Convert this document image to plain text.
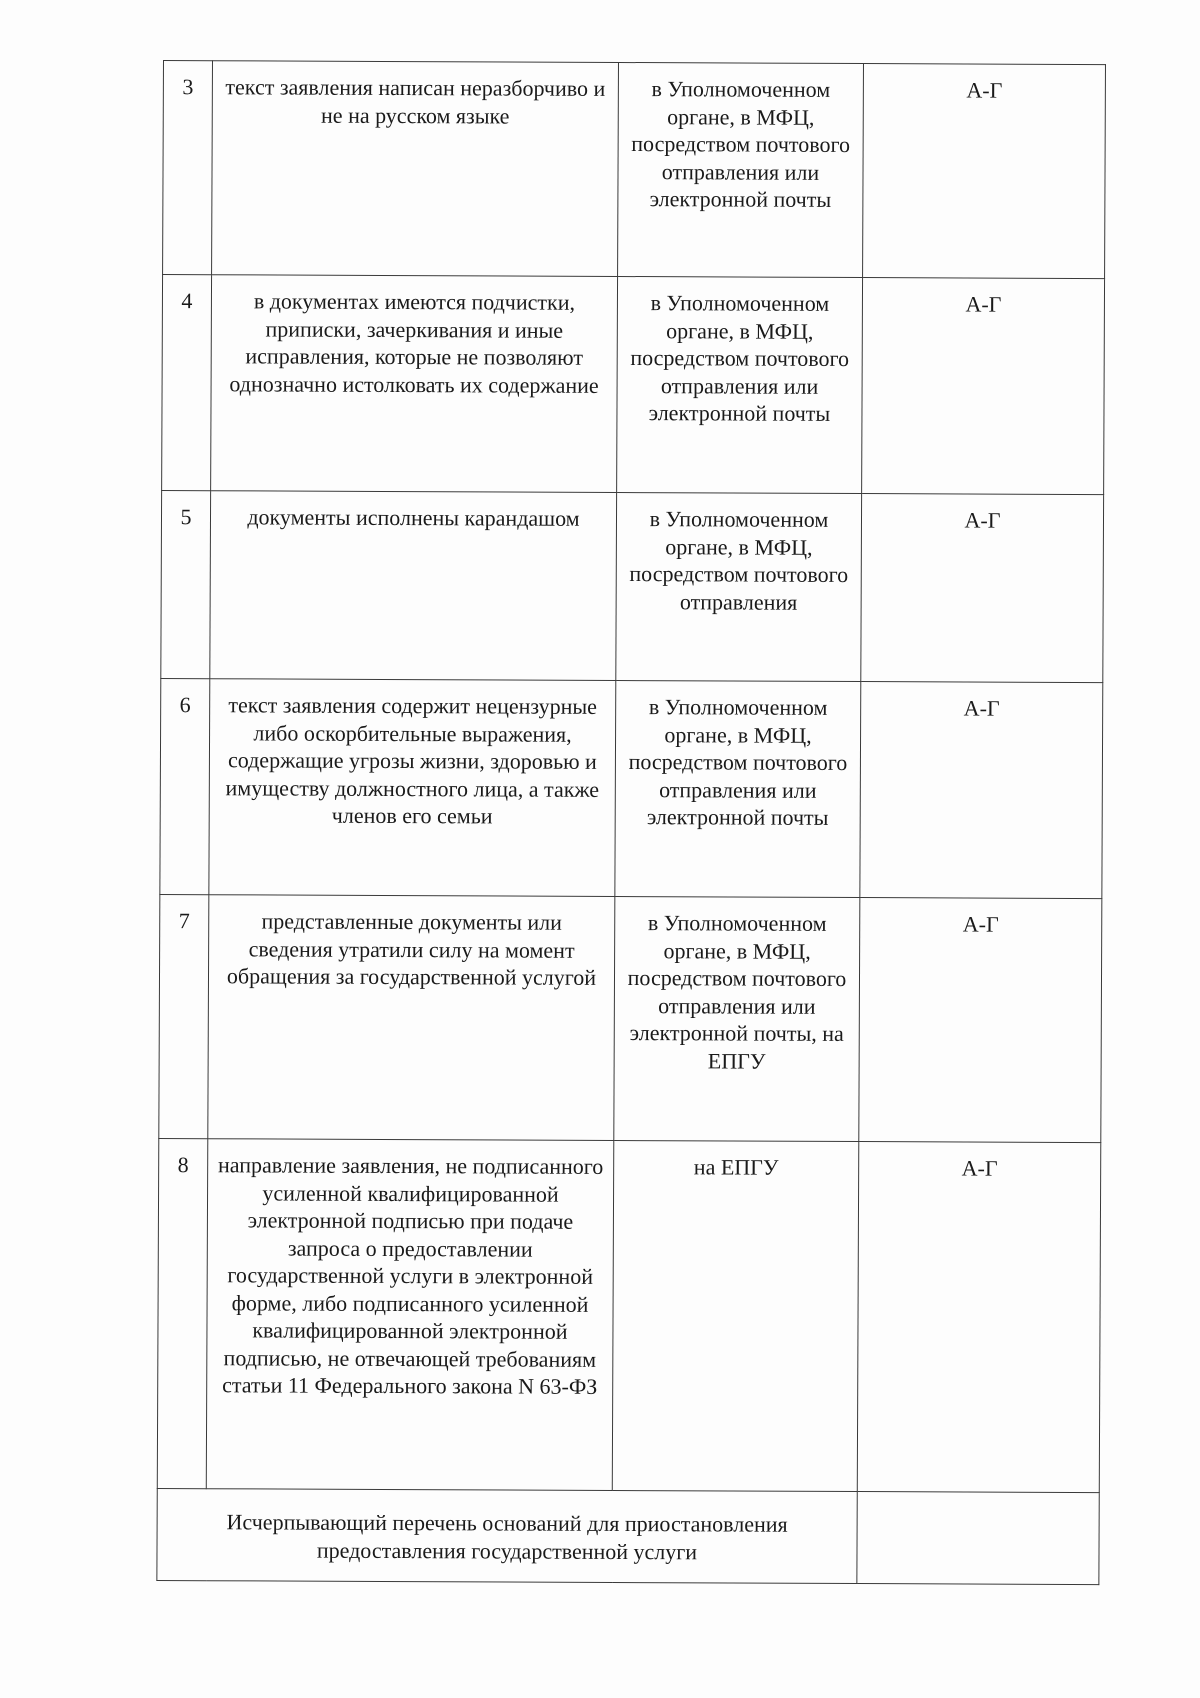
3	текст заявления написан неразборчиво и не на русском языке	в Уполномоченном органе, в МФЦ, посредством почтового отправления или электронной почты	А-Г
4	в документах имеются подчистки, приписки, зачеркивания и иные исправления, которые не позволяют однозначно истолковать их содержание	в Уполномоченном органе, в МФЦ, посредством почтового отправления или электронной почты	А-Г
5	документы исполнены карандашом	в Уполномоченном органе, в МФЦ, посредством почтового отправления	А-Г
6	текст заявления содержит нецензурные либо оскорбительные выражения, содержащие угрозы жизни, здоровью и имуществу должностного лица, а также членов его семьи	в Уполномоченном органе, в МФЦ, посредством почтового отправления или электронной почты	А-Г
7	представленные документы или сведения утратили силу на момент обращения за государственной услугой	в Уполномоченном органе, в МФЦ, посредством почтового отправления или электронной почты, на ЕПГУ	А-Г
8	направление заявления, не подписанного усиленной квалифицированной электронной подписью при подаче запроса о предоставлении государственной услуги в электронной форме, либо подписанного усиленной квалифицированной электронной подписью, не отвечающей требованиям статьи 11 Федерального закона N 63-ФЗ	на ЕПГУ	А-Г
Исчерпывающий перечень оснований для приостановления предоставления государственной услуги			
